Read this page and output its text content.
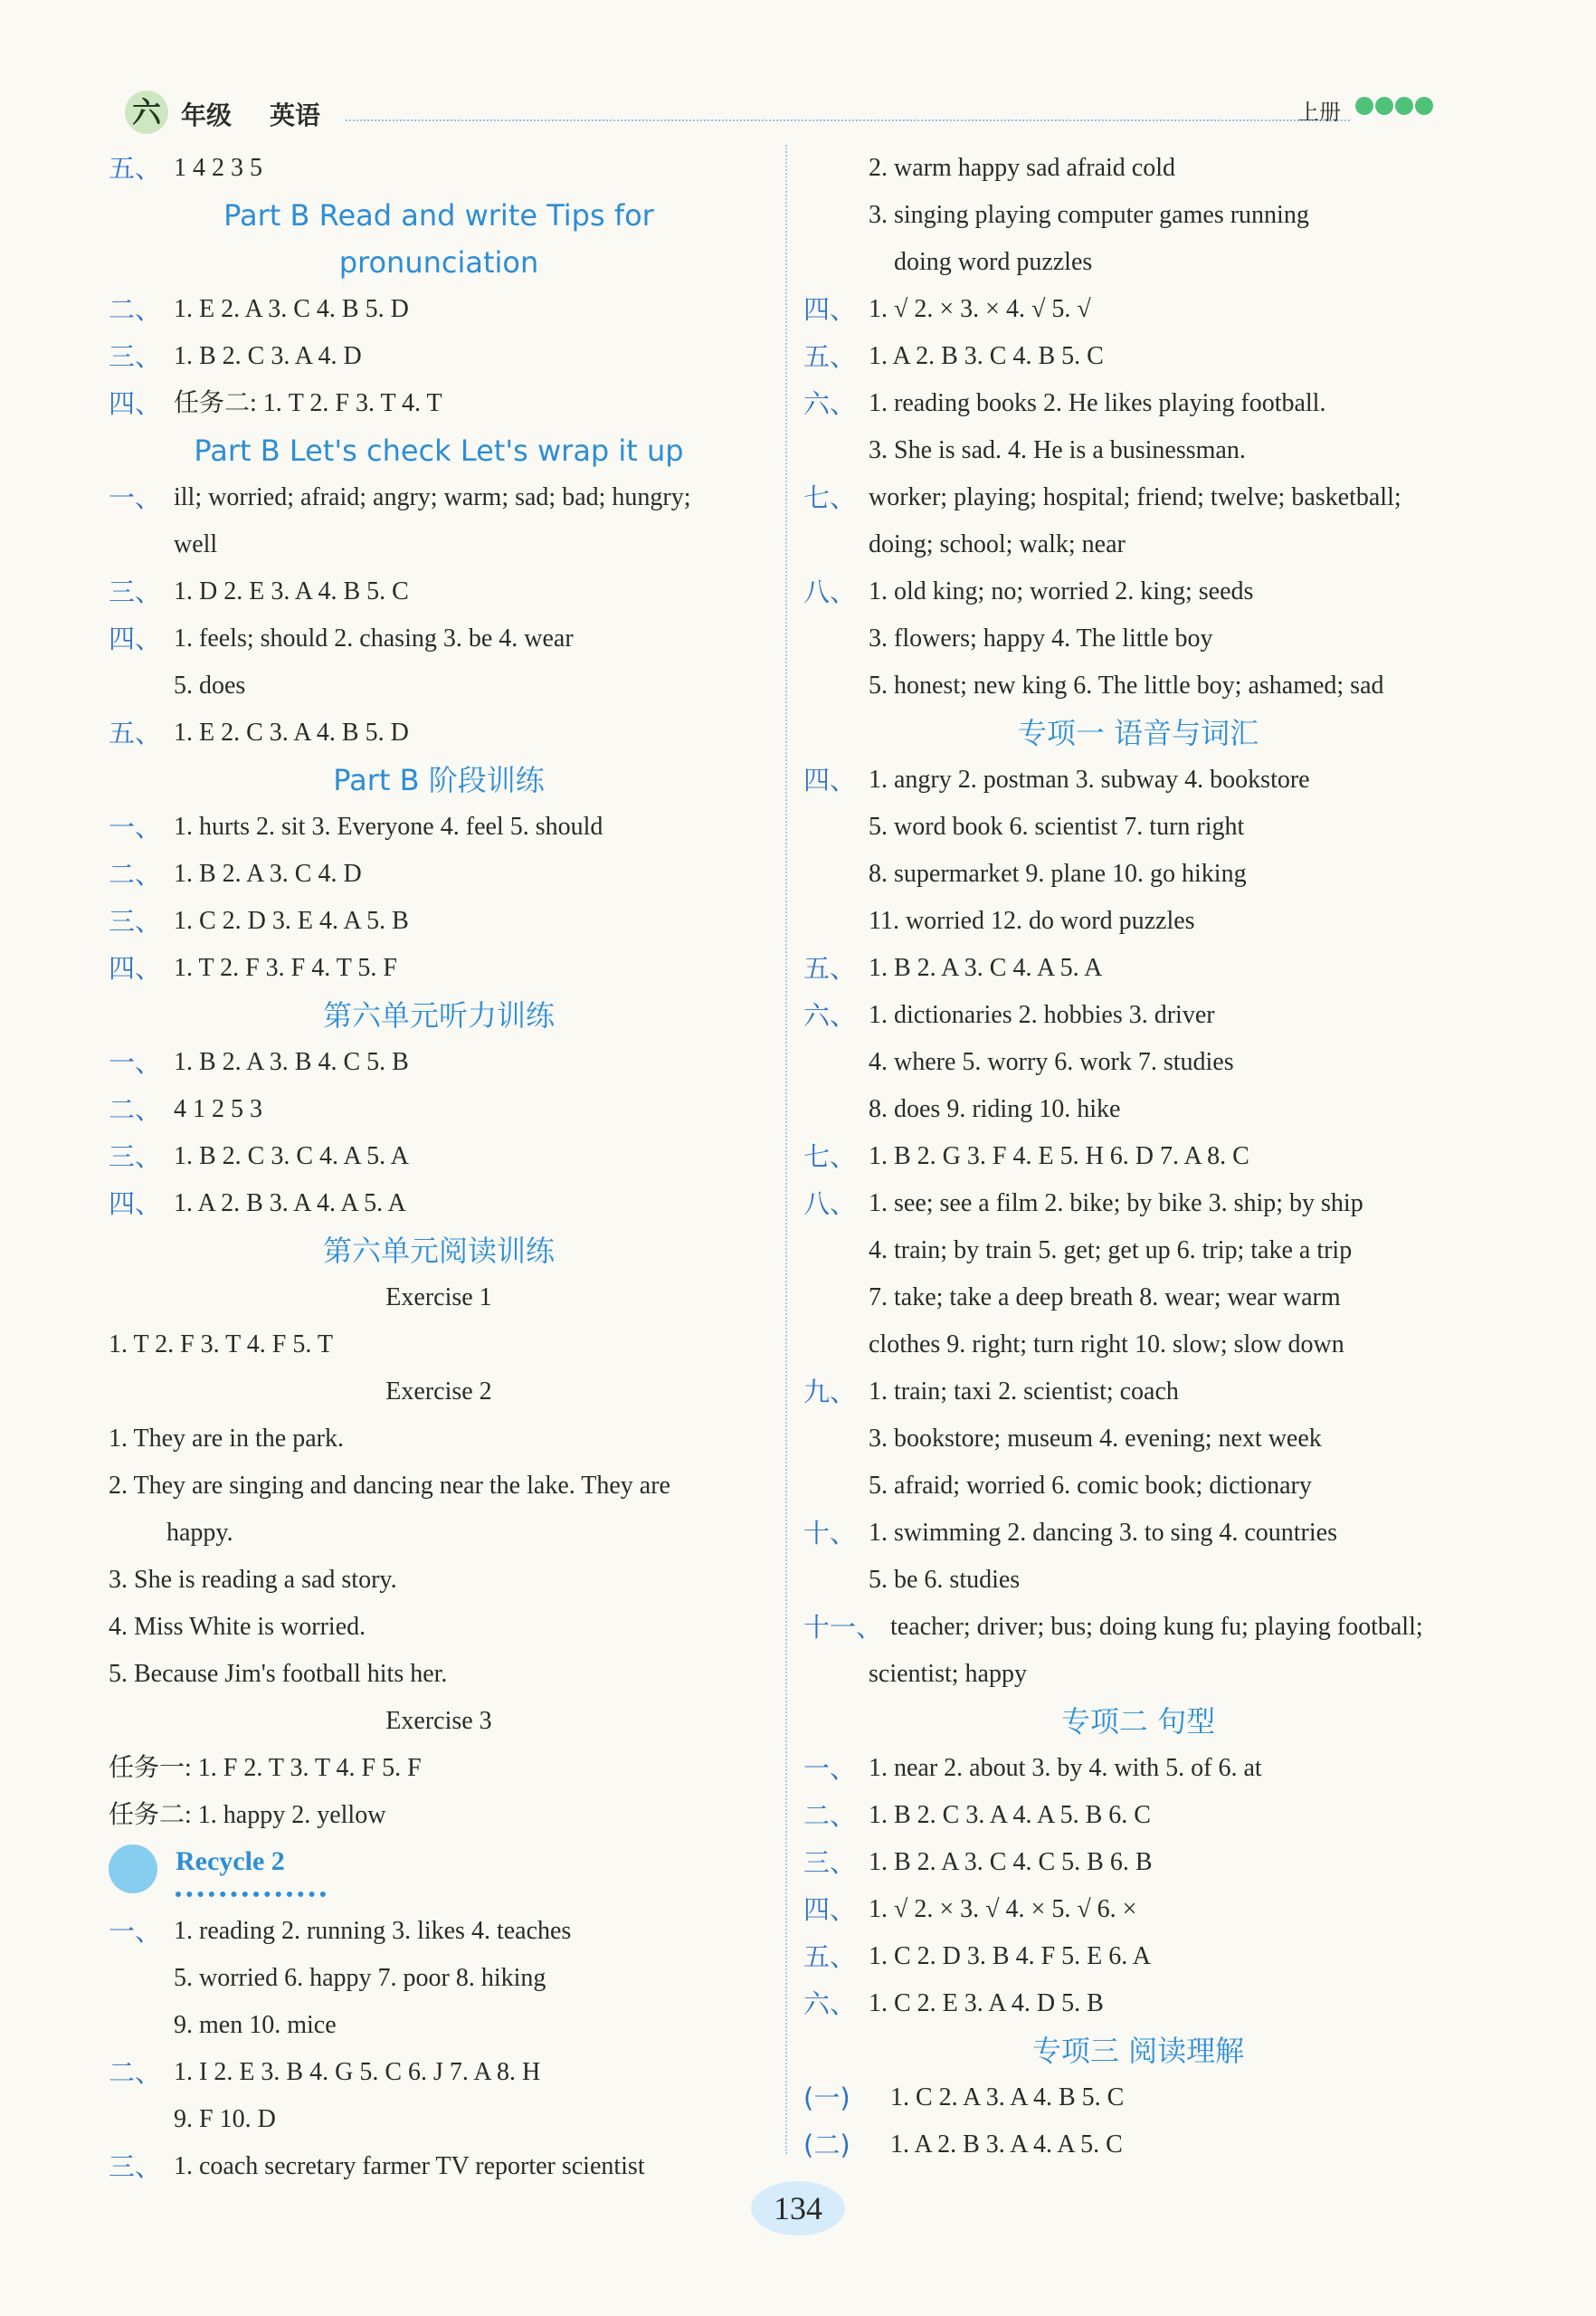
六 年级 英语	上册
五、 1 4 2 3 5
Part B Read and write Tips for
pronunciation
二、 1. E 2. A 3. C 4. B 5. D
三、 1. B 2. C 3. A 4. D
四、 任务二: 1. T 2. F 3. T 4. T
Part B Let's check Let's wrap it up
一、 ill; worried; afraid; angry; warm; sad; bad; hungry;
well
三、 1. D 2. E 3. A 4. B 5. C
四、 1. feels; should 2. chasing 3. be 4. wear
5. does
五、 1. E 2. C 3. A 4. B 5. D
Part B 阶段训练
一、 1. hurts 2. sit 3. Everyone 4. feel 5. should
二、 1. B 2. A 3. C 4. D
三、 1. C 2. D 3. E 4. A 5. B
四、 1. T 2. F 3. F 4. T 5. F
第六单元听力训练
一、 1. B 2. A 3. B 4. C 5. B
二、 4 1 2 5 3
三、 1. B 2. C 3. C 4. A 5. A
四、 1. A 2. B 3. A 4. A 5. A
第六单元阅读训练
Exercise 1
1. T 2. F 3. T 4. F 5. T
Exercise 2
1. They are in the park.
2. They are singing and dancing near the lake. They are
happy.
3. She is reading a sad story.
4. Miss White is worried.
5. Because Jim's football hits her.
Exercise 3
任务一: 1. F 2. T 3. T 4. F 5. F
任务二: 1. happy 2. yellow
Recycle 2
一、 1. reading 2. running 3. likes 4. teaches
5. worried 6. happy 7. poor 8. hiking
9. men 10. mice
二、 1. I 2. E 3. B 4. G 5. C 6. J 7. A 8. H
9. F 10. D
三、 1. coach secretary farmer TV reporter scientist
2. warm happy sad afraid cold
3. singing playing computer games running
doing word puzzles
四、 1. √ 2. × 3. × 4. √ 5. √
五、 1. A 2. B 3. C 4. B 5. C
六、 1. reading books 2. He likes playing football.
3. She is sad. 4. He is a businessman.
七、 worker; playing; hospital; friend; twelve; basketball;
doing; school; walk; near
八、 1. old king; no; worried 2. king; seeds
3. flowers; happy 4. The little boy
5. honest; new king 6. The little boy; ashamed; sad
专项一 语音与词汇
四、 1. angry 2. postman 3. subway 4. bookstore
5. word book 6. scientist 7. turn right
8. supermarket 9. plane 10. go hiking
11. worried 12. do word puzzles
五、 1. B 2. A 3. C 4. A 5. A
六、 1. dictionaries 2. hobbies 3. driver
4. where 5. worry 6. work 7. studies
8. does 9. riding 10. hike
七、 1. B 2. G 3. F 4. E 5. H 6. D 7. A 8. C
八、 1. see; see a film 2. bike; by bike 3. ship; by ship
4. train; by train 5. get; get up 6. trip; take a trip
7. take; take a deep breath 8. wear; wear warm
clothes 9. right; turn right 10. slow; slow down
九、 1. train; taxi 2. scientist; coach
3. bookstore; museum 4. evening; next week
5. afraid; worried 6. comic book; dictionary
十、 1. swimming 2. dancing 3. to sing 4. countries
5. be 6. studies
十一、 teacher; driver; bus; doing kung fu; playing football;
scientist; happy
专项二 句型
一、 1. near 2. about 3. by 4. with 5. of 6. at
二、 1. B 2. C 3. A 4. A 5. B 6. C
三、 1. B 2. A 3. C 4. C 5. B 6. B
四、 1. √ 2. × 3. √ 4. × 5. √ 6. ×
五、 1. C 2. D 3. B 4. F 5. E 6. A
六、 1. C 2. E 3. A 4. D 5. B
专项三 阅读理解
(一) 1. C 2. A 3. A 4. B 5. C
(二) 1. A 2. B 3. A 4. A 5. C
134
